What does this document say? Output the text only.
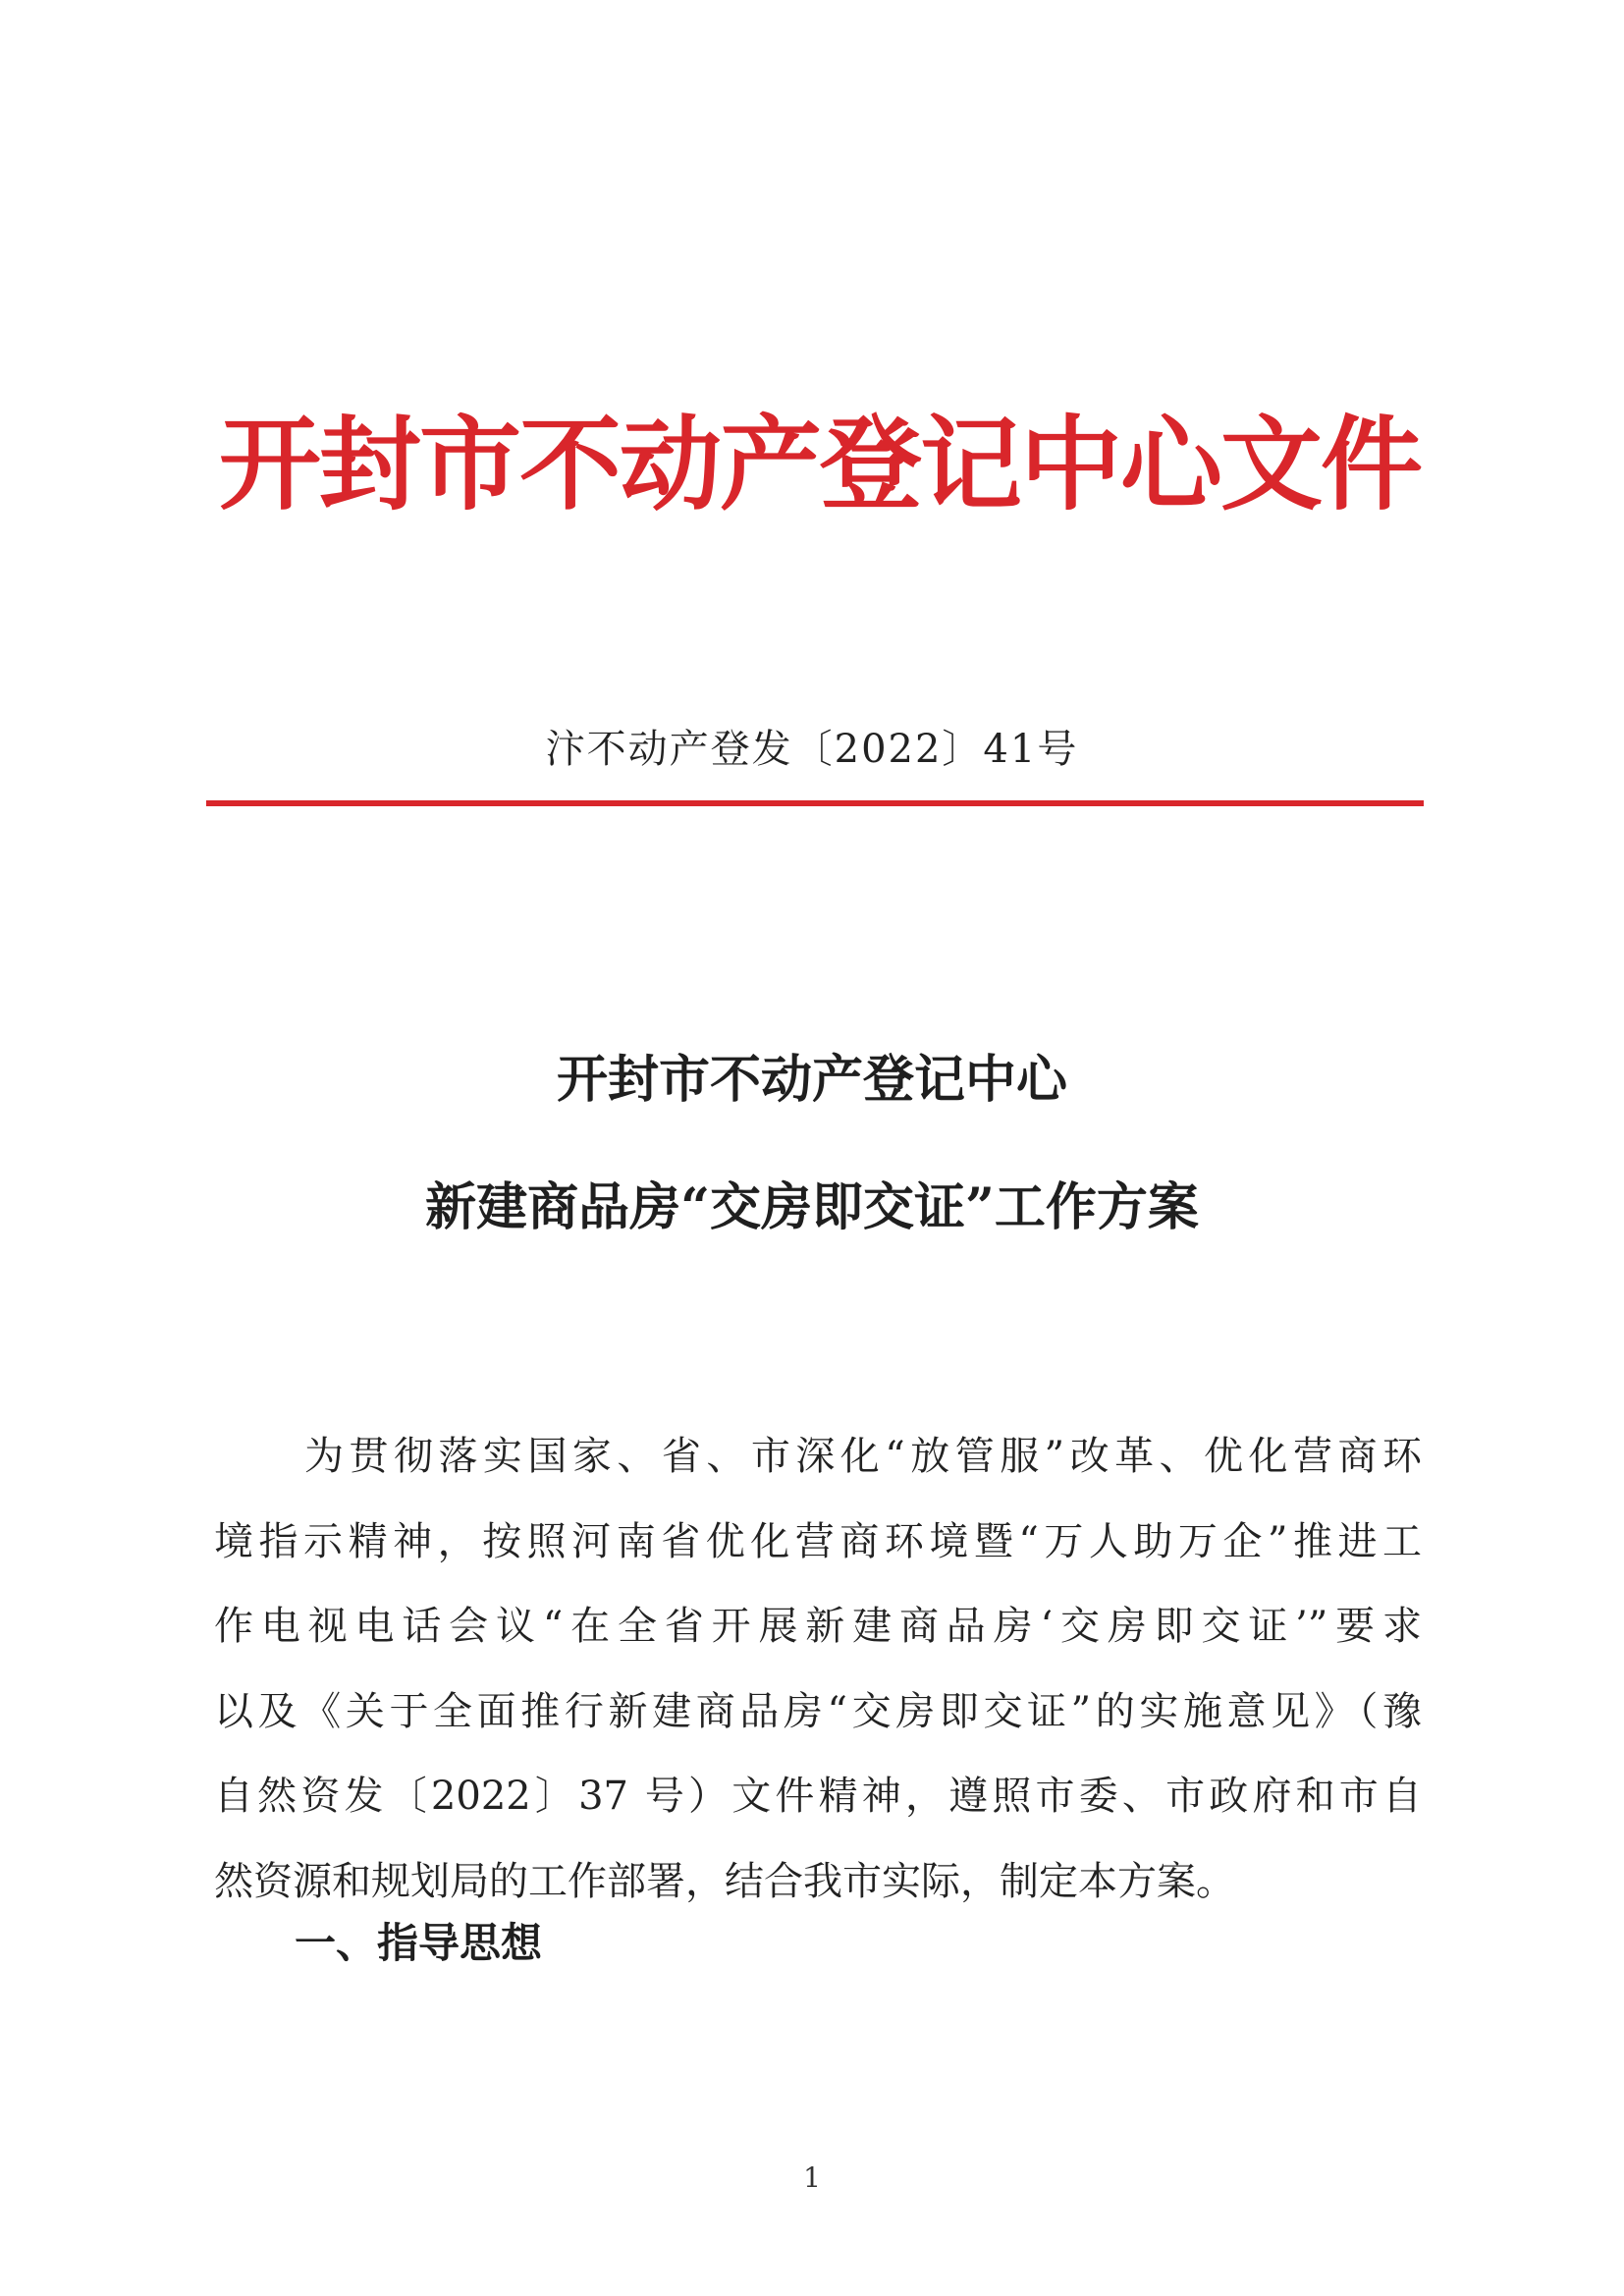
开封市不动产登记中心文件
汴不动产登发〔2022〕41号
开封市不动产登记中心
新建商品房“交房即交证”工作方案
为贯彻落实国家、省、市深化“放管服”改革、优化营商环
境指示精神，按照河南省优化营商环境暨“万人助万企”推进工
作电视电话会议“在全省开展新建商品房‘交房即交证’”要求
以及《关于全面推行新建商品房“交房即交证”的实施意见》（豫
自然资发〔2022〕37 号）文件精神，遵照市委、市政府和市自
然资源和规划局的工作部署，结合我市实际，制定本方案。
一、指导思想
1
